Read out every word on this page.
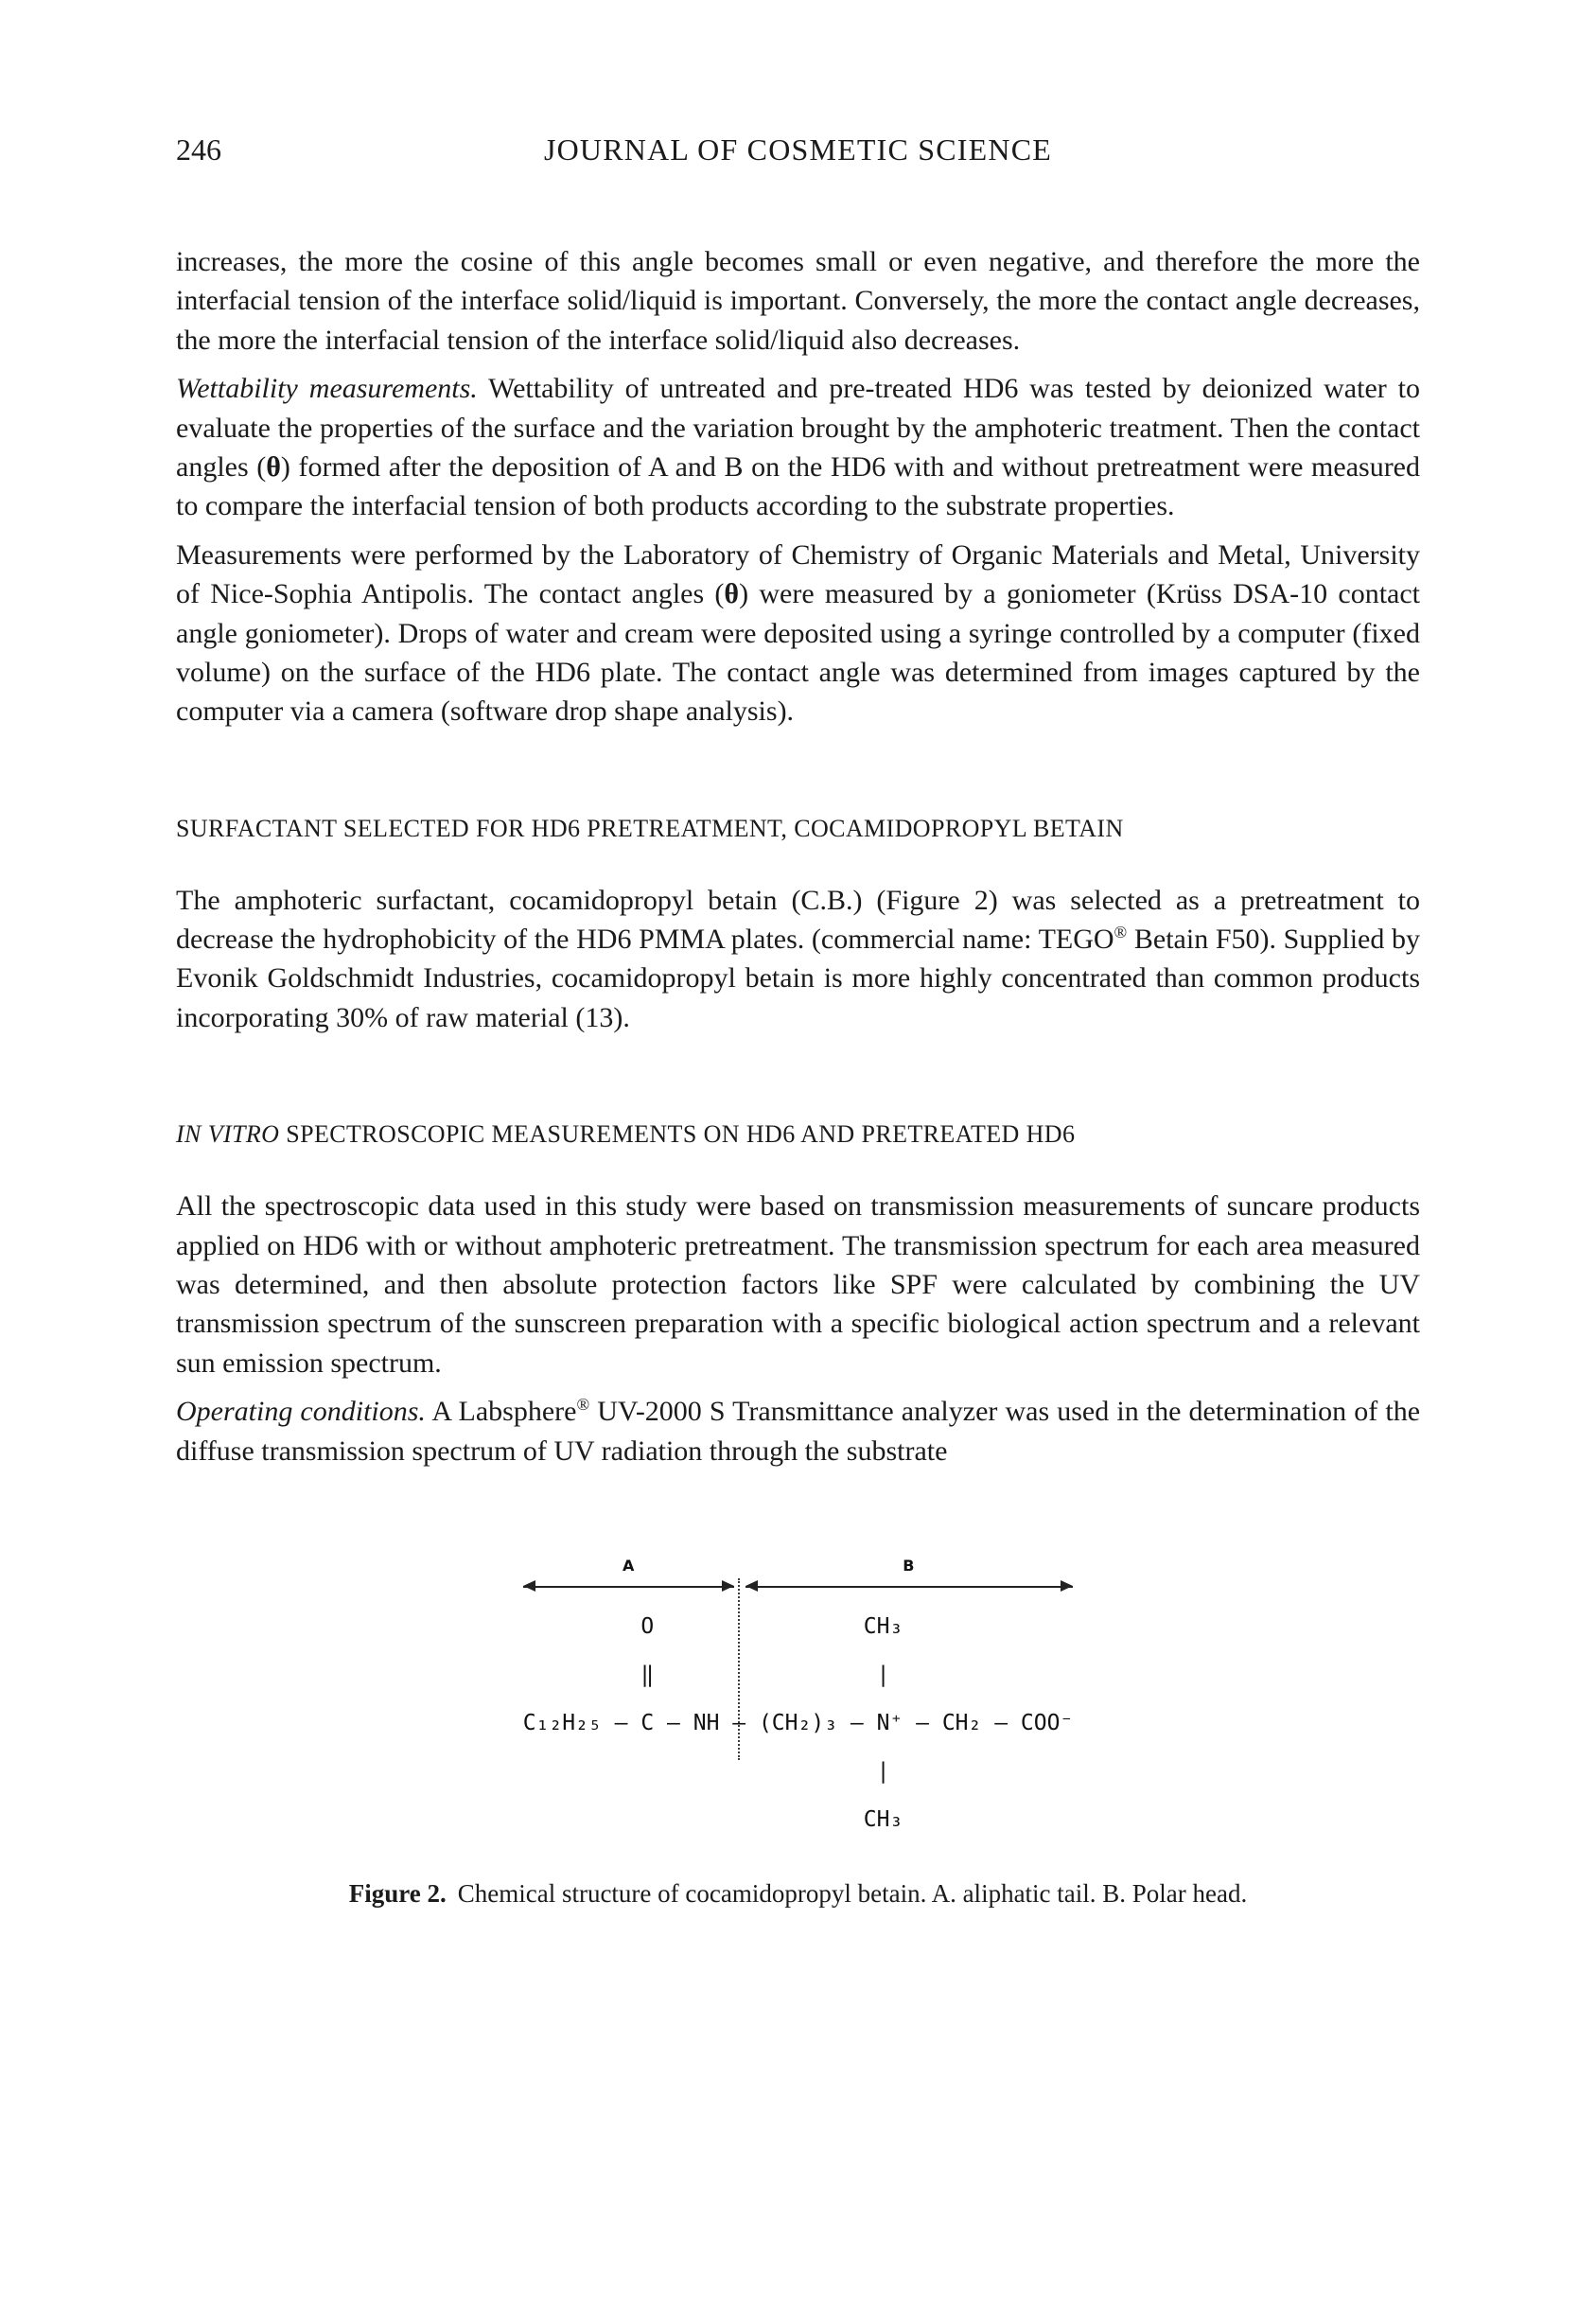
246	JOURNAL OF COSMETIC SCIENCE

increases, the more the cosine of this angle becomes small or even negative, and therefore the more the interfacial tension of the interface solid/liquid is important. Conversely, the more the contact angle decreases, the more the interfacial tension of the interface solid/liquid also decreases.

Wettability measurements. Wettability of untreated and pre-treated HD6 was tested by deionized water to evaluate the properties of the surface and the variation brought by the amphoteric treatment. Then the contact angles (θ) formed after the deposition of A and B on the HD6 with and without pretreatment were measured to compare the interfacial tension of both products according to the substrate properties.

Measurements were performed by the Laboratory of Chemistry of Organic Materials and Metal, University of Nice-Sophia Antipolis. The contact angles (θ) were measured by a goniometer (Krüss DSA-10 contact angle goniometer). Drops of water and cream were deposited using a syringe controlled by a computer (fixed volume) on the surface of the HD6 plate. The contact angle was determined from images captured by the computer via a camera (software drop shape analysis).

SURFACTANT SELECTED FOR HD6 PRETREATMENT, COCAMIDOPROPYL BETAIN

The amphoteric surfactant, cocamidopropyl betain (C.B.) (Figure 2) was selected as a pretreatment to decrease the hydrophobicity of the HD6 PMMA plates. (commercial name: TEGO® Betain F50). Supplied by Evonik Goldschmidt Industries, cocamidopropyl betain is more highly concentrated than common products incorporating 30% of raw material (13).

IN VITRO SPECTROSCOPIC MEASUREMENTS ON HD6 AND PRETREATED HD6

All the spectroscopic data used in this study were based on transmission measurements of suncare products applied on HD6 with or without amphoteric pretreatment. The transmission spectrum for each area measured was determined, and then absolute protection factors like SPF were calculated by combining the UV transmission spectrum of the sunscreen preparation with a specific biological action spectrum and a relevant sun emission spectrum.

Operating conditions. A Labsphere® UV-2000 S Transmittance analyzer was used in the determination of the diffuse transmission spectrum of UV radiation through the substrate

A	B
O	CH₃
‖	|
C₁₂H₂₅ – C – NH – (CH₂)₃ – N⁺ – CH₂ – COO⁻
|
CH₃
Figure 2. Chemical structure of cocamidopropyl betain. A. aliphatic tail. B. Polar head.
